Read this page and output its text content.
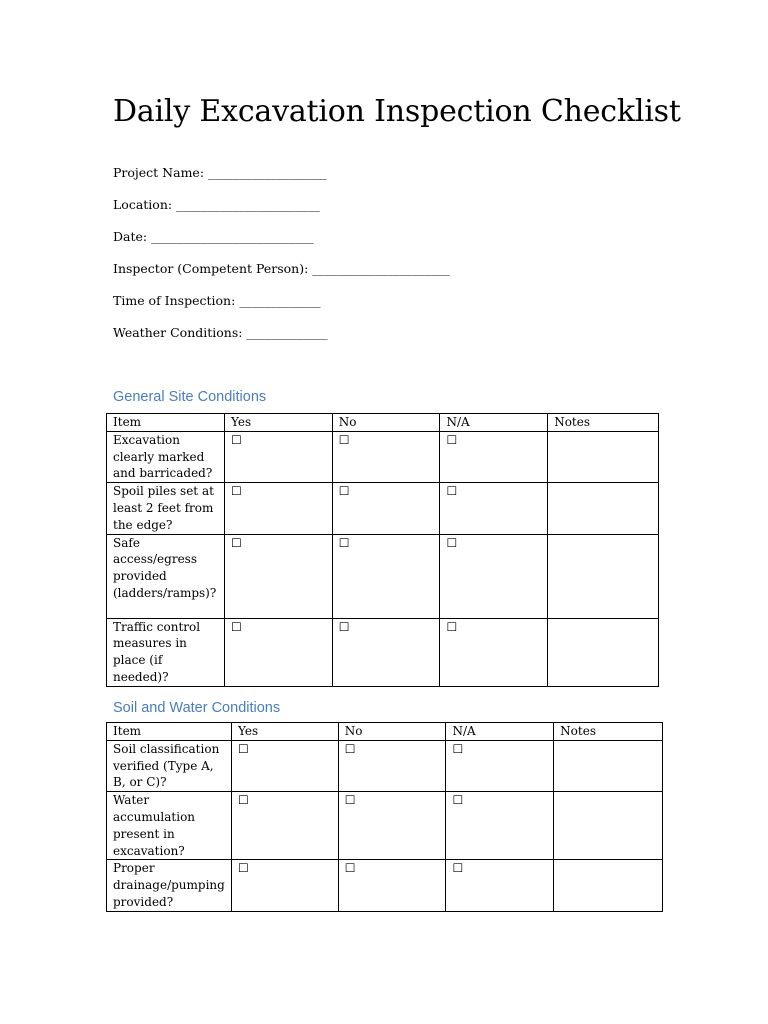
Daily Excavation Inspection Checklist
Project Name: ___________________
Location: _______________________
Date: __________________________
Inspector (Competent Person): ______________________
Time of Inspection: _____________
Weather Conditions: _____________
General Site Conditions
Item	Yes	No	N/A	Notes
Excavation clearly marked and barricaded?	☐	☐	☐	
Spoil piles set at least 2 feet from the edge?	☐	☐	☐	
Safe access/egress provided (ladders/ramps)?	☐	☐	☐	
Traffic control measures in place (if needed)?	☐	☐	☐	
Soil and Water Conditions
Item	Yes	No	N/A	Notes
Soil classification verified (Type A, B, or C)?	☐	☐	☐	
Water accumulation present in excavation?	☐	☐	☐	
Proper drainage/pumping provided?	☐	☐	☐	
